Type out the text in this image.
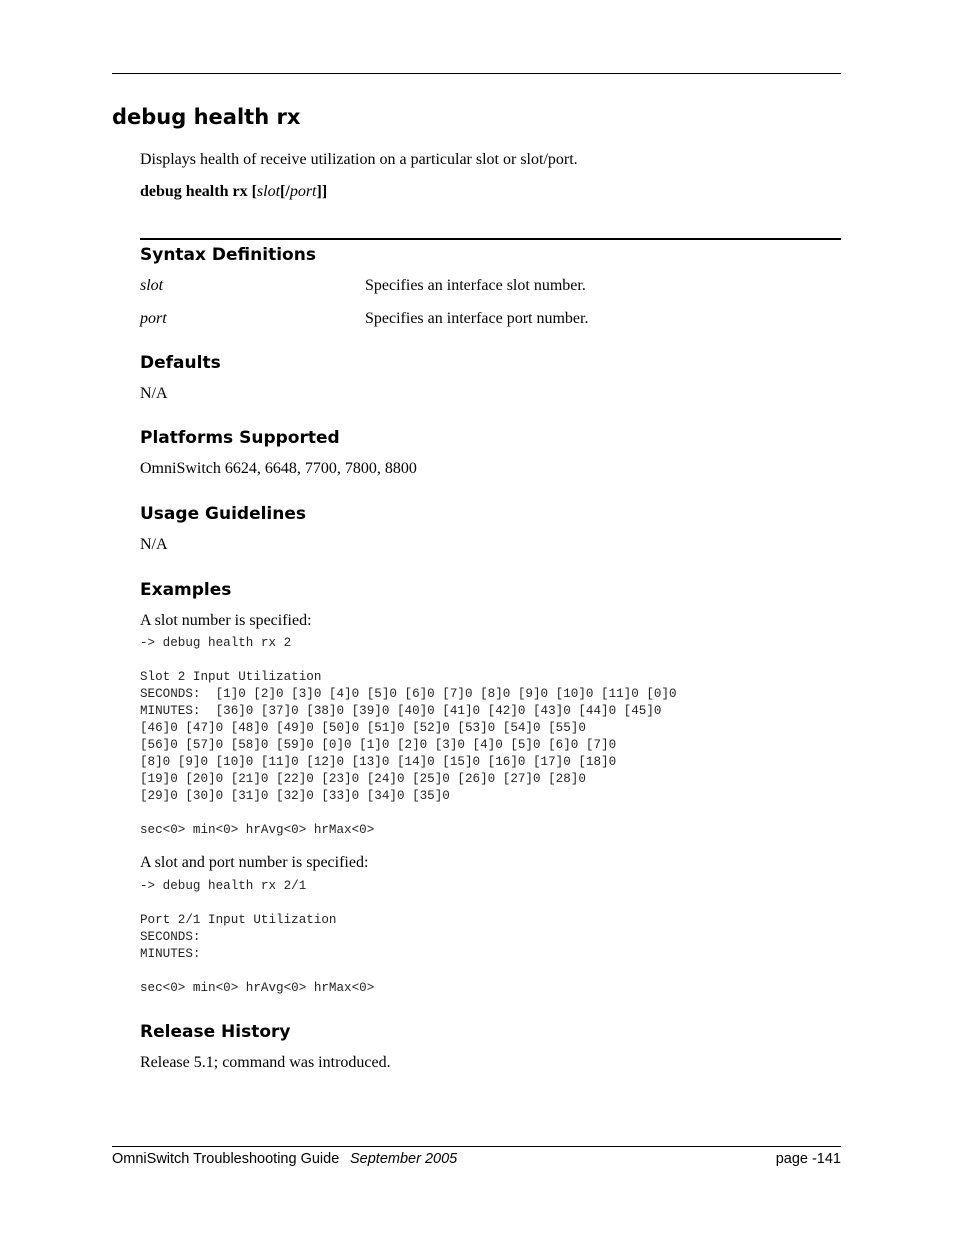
debug health rx
Displays health of receive utilization on a particular slot or slot/port.
debug health rx [slot[/port]]
Syntax Definitions
slot	Specifies an interface slot number.
port	Specifies an interface port number.
Defaults
N/A
Platforms Supported
OmniSwitch 6624, 6648, 7700, 7800, 8800
Usage Guidelines
N/A
Examples
A slot number is specified:
-> debug health rx 2

Slot 2 Input Utilization
SECONDS:  [1]0 [2]0 [3]0 [4]0 [5]0 [6]0 [7]0 [8]0 [9]0 [10]0 [11]0 [0]0
MINUTES:  [36]0 [37]0 [38]0 [39]0 [40]0 [41]0 [42]0 [43]0 [44]0 [45]0
[46]0 [47]0 [48]0 [49]0 [50]0 [51]0 [52]0 [53]0 [54]0 [55]0
[56]0 [57]0 [58]0 [59]0 [0]0 [1]0 [2]0 [3]0 [4]0 [5]0 [6]0 [7]0
[8]0 [9]0 [10]0 [11]0 [12]0 [13]0 [14]0 [15]0 [16]0 [17]0 [18]0
[19]0 [20]0 [21]0 [22]0 [23]0 [24]0 [25]0 [26]0 [27]0 [28]0
[29]0 [30]0 [31]0 [32]0 [33]0 [34]0 [35]0

sec<0> min<0> hrAvg<0> hrMax<0>
A slot and port number is specified:
-> debug health rx 2/1

Port 2/1 Input Utilization
SECONDS:
MINUTES:

sec<0> min<0> hrAvg<0> hrMax<0>
Release History
Release 5.1; command was introduced.
OmniSwitch Troubleshooting Guide September 2005	page -141
